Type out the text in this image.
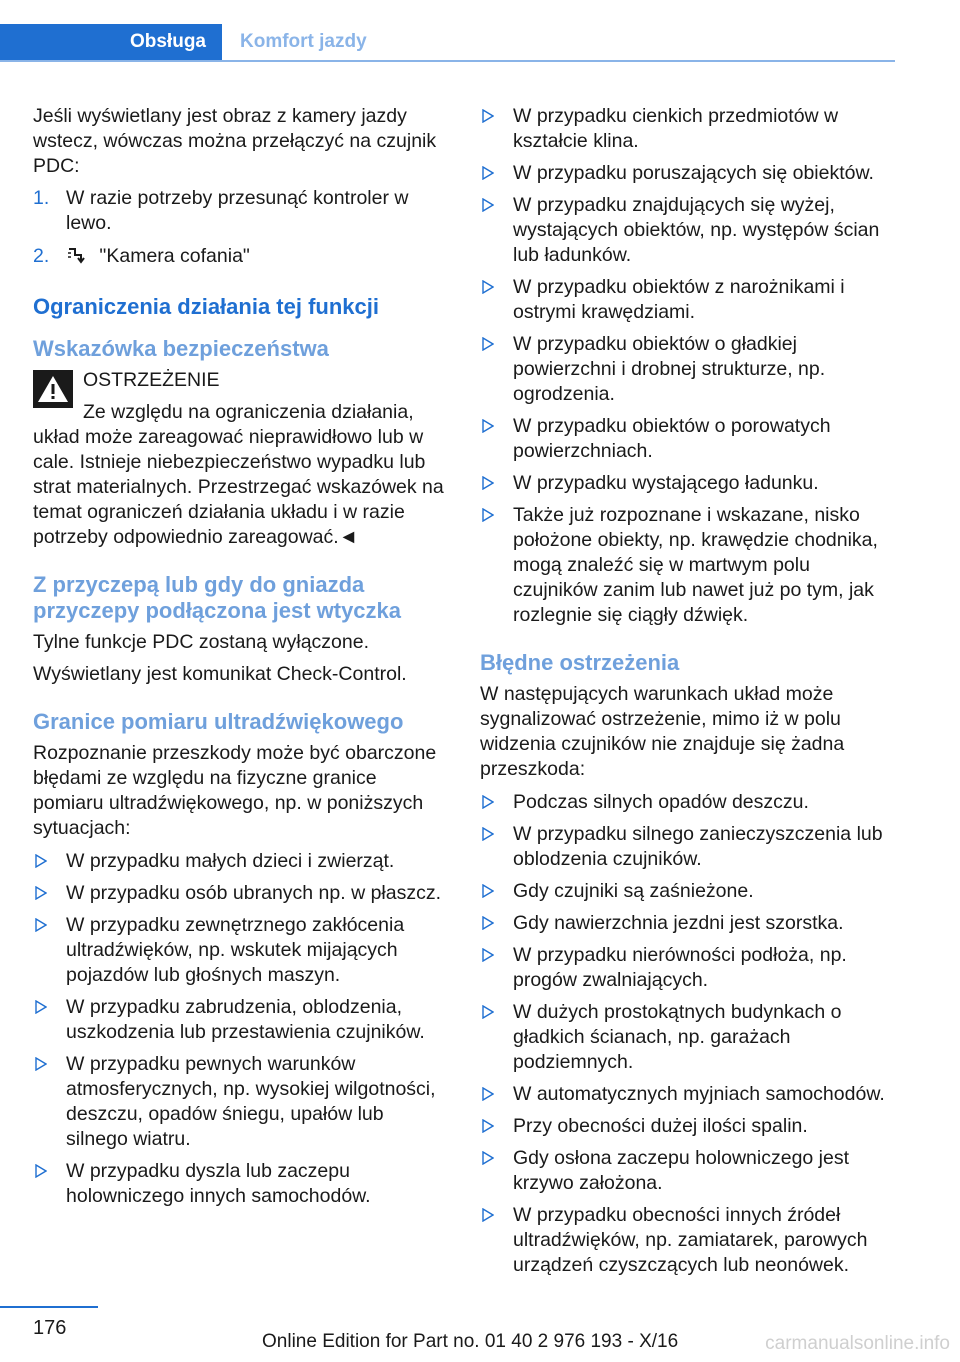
Obsługa	Komfort jazdy

Jeśli wyświetlany jest obraz z kamery jazdy wstecz, wówczas można przełączyć na czujnik PDC:

1. W razie potrzeby przesunąć kontroler w lewo.
2.	"Kamera cofania"
Ograniczenia działania tej funkcji
Wskazówka bezpieczeństwa
OSTRZEŻENIE
Ze względu na ograniczenia działania, układ może zareagować nieprawidłowo lub w cale. Istnieje niebezpieczeństwo wypadku lub strat materialnych. Przestrzegać wskazówek na temat ograniczeń działania układu i w razie potrzeby odpowiednio zareagować.◄
Z przyczepą lub gdy do gniazda przyczepy podłączona jest wtyczka

Tylne funkcje PDC zostaną wyłączone.

Wyświetlany jest komunikat Check-Control.

Granice pomiaru ultradźwiękowego

Rozpoznanie przeszkody może być obarczone błędami ze względu na fizyczne granice pomiaru ultradźwiękowego, np. w poniższych sytuacjach:

W przypadku małych dzieci i zwierząt.
W przypadku osób ubranych np. w płaszcz.
W przypadku zewnętrznego zakłócenia ultradźwięków, np. wskutek mijających pojazdów lub głośnych maszyn.
W przypadku zabrudzenia, oblodzenia, uszkodzenia lub przestawienia czujników.
W przypadku pewnych warunków atmosferycznych, np. wysokiej wilgotności, deszczu, opadów śniegu, upałów lub silnego wiatru.
W przypadku dyszla lub zaczepu holowniczego innych samochodów.
W przypadku cienkich przedmiotów w kształcie klina.
W przypadku poruszających się obiektów.
W przypadku znajdujących się wyżej, wystających obiektów, np. występów ścian lub ładunków.
W przypadku obiektów z narożnikami i ostrymi krawędziami.
W przypadku obiektów o gładkiej powierzchni i drobnej strukturze, np. ogrodzenia.
W przypadku obiektów o porowatych powierzchniach.
W przypadku wystającego ładunku.
Także już rozpoznane i wskazane, nisko położone obiekty, np. krawędzie chodnika, mogą znaleźć się w martwym polu czujników zanim lub nawet już po tym, jak rozlegnie się ciągły dźwięk.
Błędne ostrzeżenia

W następujących warunkach układ może sygnalizować ostrzeżenie, mimo iż w polu widzenia czujników nie znajduje się żadna przeszkoda:

Podczas silnych opadów deszczu.
W przypadku silnego zanieczyszczenia lub oblodzenia czujników.
Gdy czujniki są zaśnieżone.
Gdy nawierzchnia jezdni jest szorstka.
W przypadku nierówności podłoża, np. progów zwalniających.
W dużych prostokątnych budynkach o gładkich ścianach, np. garażach podziemnych.
W automatycznych myjniach samochodów.
Przy obecności dużej ilości spalin.
Gdy osłona zaczepu holowniczego jest krzywo założona.
W przypadku obecności innych źródeł ultradźwięków, np. zamiatarek, parowych urządzeń czyszczących lub neonówek.
176
Online Edition for Part no. 01 40 2 976 193 - X/16	carmanualsonline.info
